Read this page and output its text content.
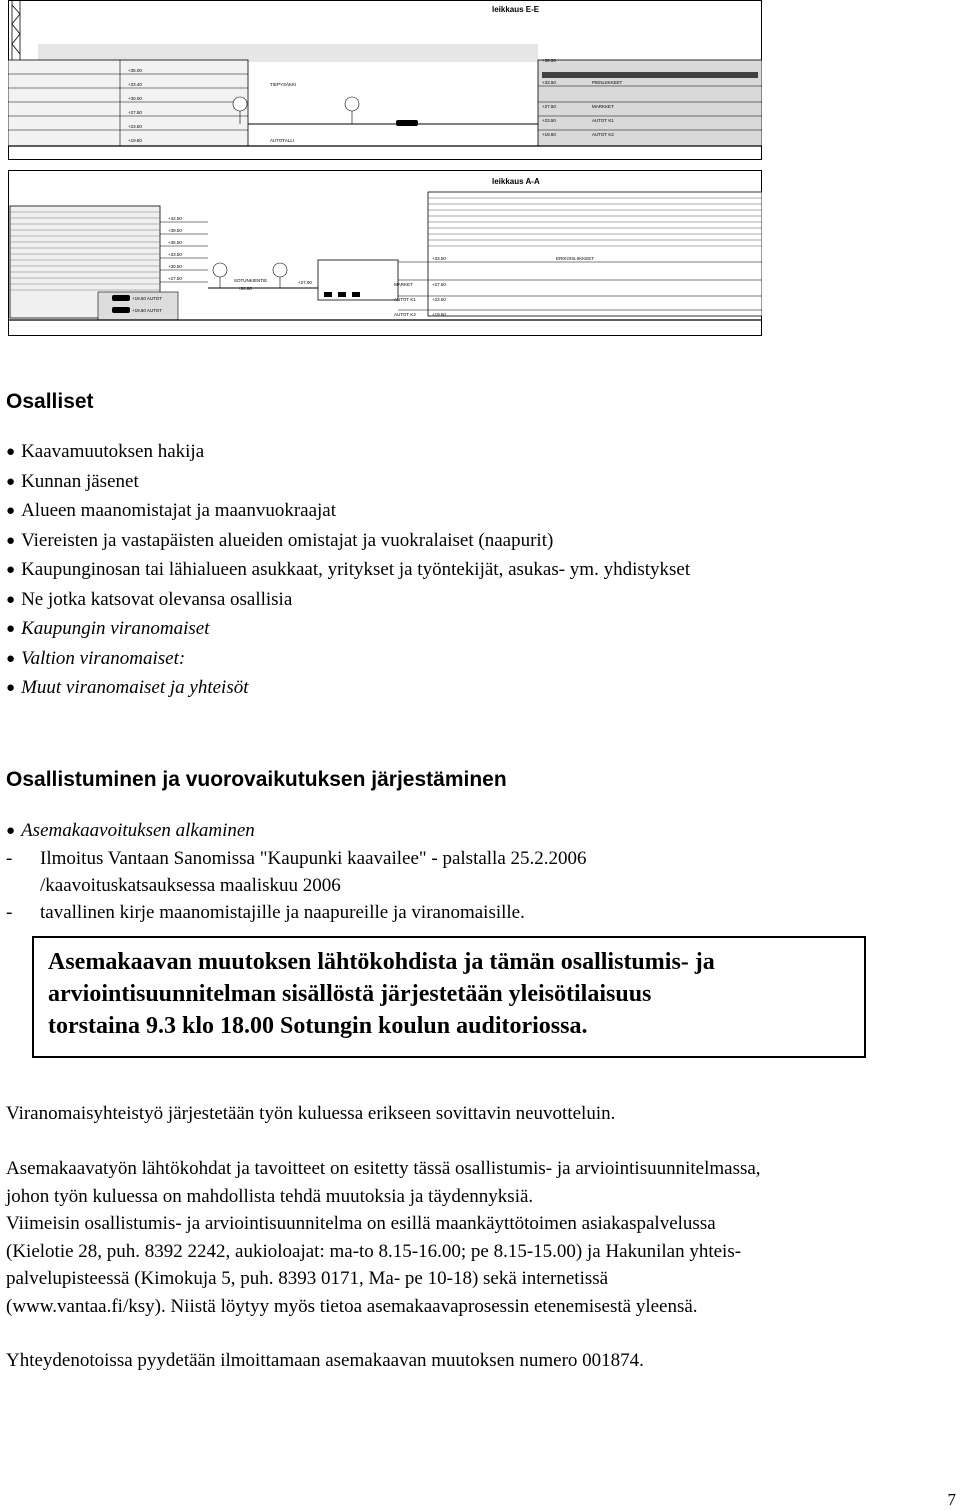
leikkaus E-E
+35.00
+33.40
+30.00
+27.50
+23.50
+19.80
TIEPYSÄKKI
AUTOTALLI
+39.50
+33.50
+27.50
+23.50
+19.50
PIENLIIKKEET
MARKKET
AUTOT K1
AUTOT K2
leikkaus A-A
+42.50
+39.50
+36.50
+33.50
+30.50
+27.50
+19.50 AUTOT
+19.50 AUTOT
SOTUNKIENTIE
+24.80
+27.00
+33.50
+27.50
+23.50
+19.50
ERIKOISLIIKKEET
MARKET
AUTOT K1
AUTOT K2
Osalliset
● Kaavamuutoksen hakija
● Kunnan jäsenet
● Alueen maanomistajat ja maanvuokraajat
● Viereisten ja vastapäisten alueiden omistajat ja vuokralaiset (naapurit)
● Kaupunginosan tai lähialueen asukkaat, yritykset ja työntekijät, asukas- ym. yhdistykset
● Ne jotka katsovat olevansa osallisia
● Kaupungin viranomaiset
● Valtion viranomaiset:
● Muut viranomaiset ja yhteisöt
Osallistuminen ja vuorovaikutuksen järjestäminen
● Asemakaavoituksen alkaminen
- Ilmoitus Vantaan Sanomissa "Kaupunki kaavailee" - palstalla 25.2.2006
/kaavoituskatsauksessa maaliskuu 2006
- tavallinen kirje maanomistajille ja naapureille ja viranomaisille.

Asemakaavan muutoksen lähtökohdista ja tämän osallistumis- ja
arviointisuunnitelman sisällöstä järjestetään yleisötilaisuus
torstaina 9.3 klo 18.00 Sotungin koulun auditoriossa.

Viranomaisyhteistyö järjestetään työn kuluessa erikseen sovittavin neuvotteluin.

Asemakaavatyön lähtökohdat ja tavoitteet on esitetty tässä osallistumis- ja arviointisuunnitelmassa,
johon työn kuluessa on mahdollista tehdä muutoksia ja täydennyksiä.
Viimeisin osallistumis- ja arviointisuunnitelma on esillä maankäyttötoimen asiakaspalvelussa
(Kielotie 28, puh. 8392 2242, aukioloajat: ma-to 8.15-16.00; pe 8.15-15.00) ja Hakunilan yhteis-
palvelupisteessä (Kimokuja 5, puh. 8393 0171, Ma- pe 10-18) sekä internetissä
(www.vantaa.fi/ksy). Niistä löytyy myös tietoa asemakaavaprosessin etenemisestä yleensä.

Yhteydenotoissa pyydetään ilmoittamaan asemakaavan muutoksen numero 001874.

7
